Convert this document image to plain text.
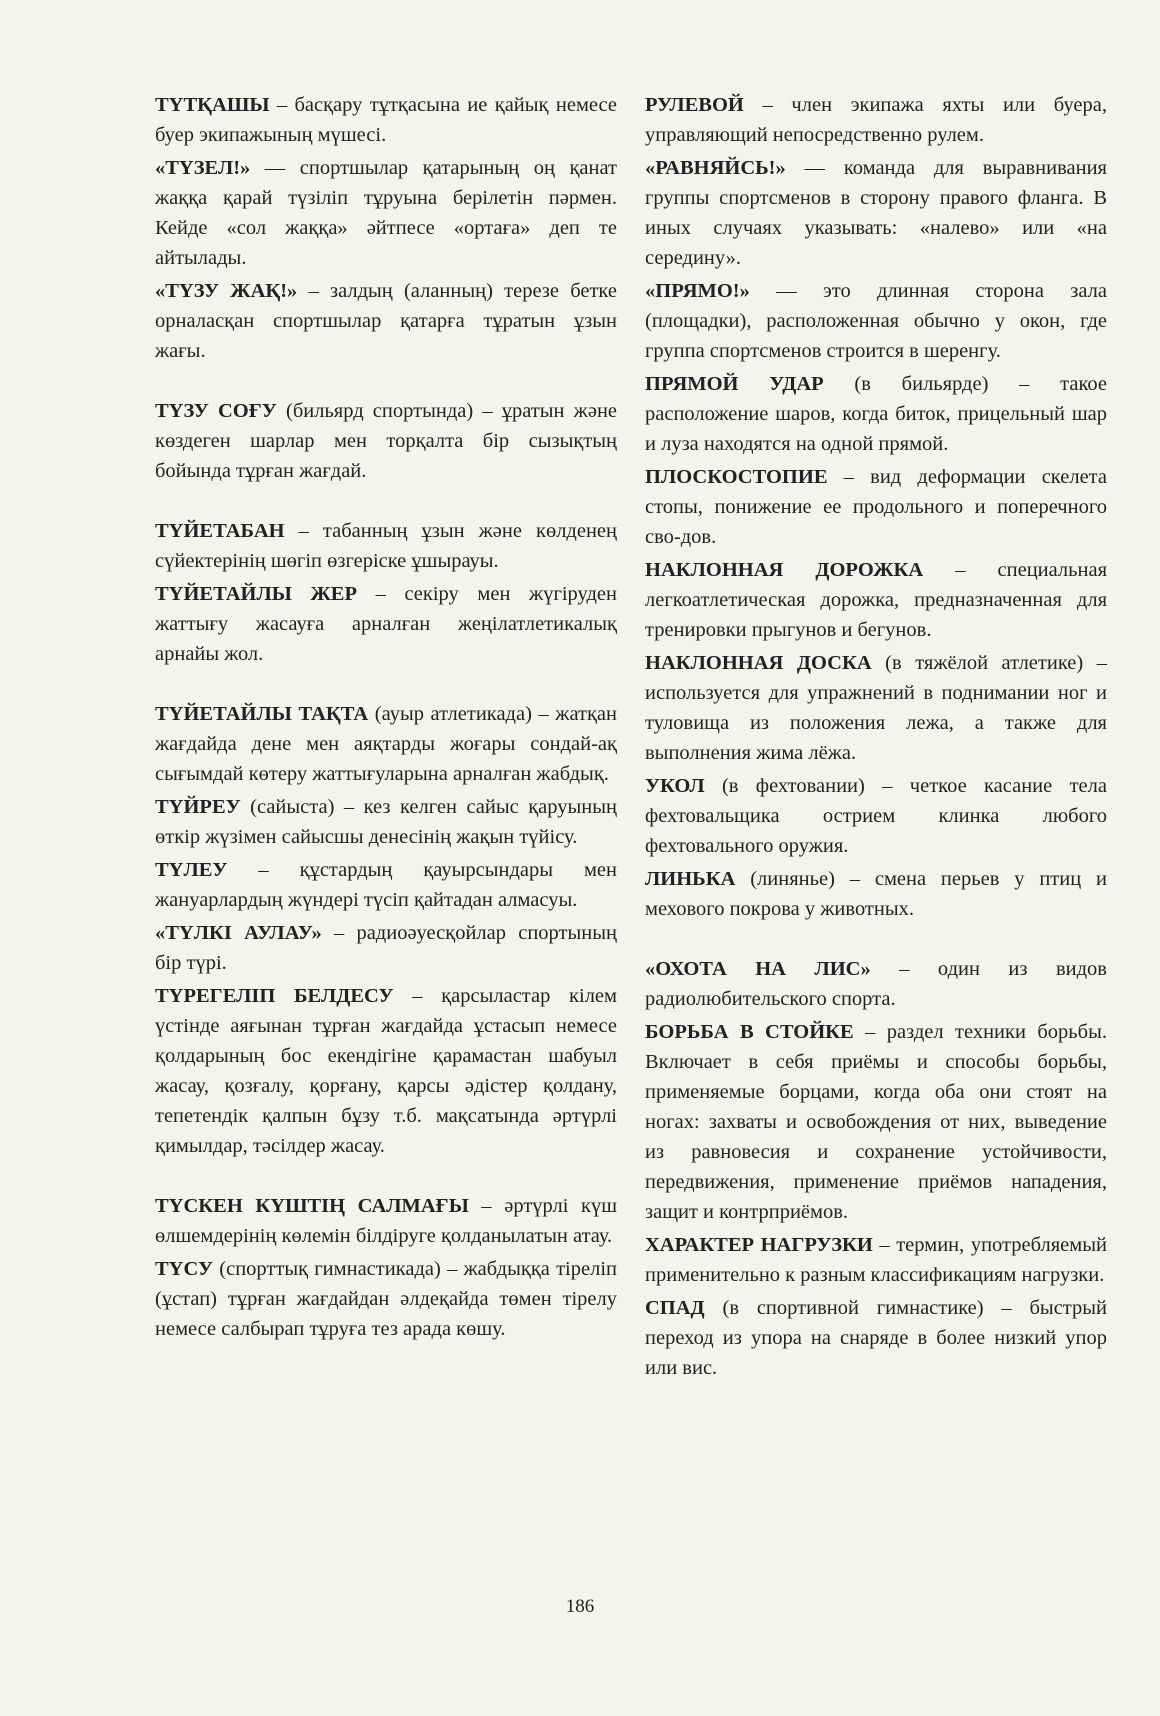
ТҮТҚАШЫ – басқару тұтқасына ие қайық немесе буер экипажының мүшесі.

«ТҮЗЕЛ!» — спортшылар қатарының оң қанат жаққа қарай түзіліп тұруына берілетін пәрмен. Кейде «сол жаққа» әйтпесе «ортаға» деп те айтылады.

«ТҮЗУ ЖАҚ!» – залдың (аланның) терезе бетке орналасқан спортшылар қатарға тұратын ұзын жағы.

ТҮЗУ СОҒУ (бильярд спортында) – ұратын және көздеген шарлар мен торқалта бір сызықтың бойында тұрған жағдай.

ТҮЙЕТАБАН – табанның ұзын және көлденең сүйектерінің шөгіп өзгеріске ұшырауы.

ТҮЙЕТАЙЛЫ ЖЕР – секіру мен жүгіруден жаттығу жасауға арналған жеңілатлетикалық арнайы жол.

ТҮЙЕТАЙЛЫ ТАҚТА (ауыр атлетикада) – жатқан жағдайда дене мен аяқтарды жоғары сондай-ақ сығымдай көтеру жаттығуларына арналған жабдық.

ТҮЙРЕУ (сайыста) – кез келген сайыс қаруының өткір жүзімен сайысшы денесінің жақын түйісу.

ТҮЛЕУ – құстардың қауырсындары мен жануарлардың жүндері түсіп қайтадан алмасуы.

«ТҮЛКІ АУЛАУ» – радиоәуесқойлар спортының бір түрі.

ТҮРЕГЕЛІП БЕЛДЕСУ – қарсыластар кілем үстінде аяғынан тұрған жағдайда ұстасып немесе қолдарының бос екендігіне қарамастан шабуыл жасау, қозғалу, қорғану, қарсы әдістер қолдану, тепетендік қалпын бұзу т.б. мақсатында әртүрлі қимылдар, тәсілдер жасау.

ТҮСКЕН КҮШТІҢ САЛМАҒЫ – әртүрлі күш өлшемдерінің көлемін білдіруге қолданылатын атау.

ТҮСУ (спорттық гимнастикада) – жабдыққа тіреліп (ұстап) тұрған жағдайдан әлдеқайда төмен тірелу немесе салбырап тұруға тез арада көшу.

РУЛЕВОЙ – член экипажа яхты или буера, управляющий непосредственно рулем.

«РАВНЯЙСЬ!» — команда для выравнивания группы спортсменов в сторону правого фланга. В иных случаях указывать: «налево» или «на середину».

«ПРЯМО!» — это длинная сторона зала (площадки), расположенная обычно у окон, где группа спортсменов строится в шеренгу.

ПРЯМОЙ УДАР (в бильярде) – такое расположение шаров, когда биток, прицельный шар и луза находятся на одной прямой.

ПЛОСКОСТОПИЕ – вид деформации скелета стопы, понижение ее продольного и поперечного сво-дов.

НАКЛОННАЯ ДОРОЖКА – специальная легкоатлетическая дорожка, предназначенная для тренировки прыгунов и бегунов.

НАКЛОННАЯ ДОСКА (в тяжёлой атлетике) – используется для упражнений в поднимании ног и туловища из положения лежа, а также для выполнения жима лёжа.

УКОЛ (в фехтовании) – четкое касание тела фехтовальщика острием клинка любого фехтовального оружия.

ЛИНЬКА (линянье) – смена перьев у птиц и мехового покрова у животных.

«ОХОТА НА ЛИС» – один из видов радиолюбительского спорта.

БОРЬБА В СТОЙКЕ – раздел техники борьбы. Включает в себя приёмы и способы борьбы, применяемые борцами, когда оба они стоят на ногах: захваты и освобождения от них, выведение из равновесия и сохранение устойчивости, передвижения, применение приёмов нападения, защит и контрприёмов.

ХАРАКТЕР НАГРУЗКИ – термин, употребляемый применительно к разным классификациям нагрузки.

СПАД (в спортивной гимнастике) – быстрый переход из упора на снаряде в более низкий упор или вис.

186
